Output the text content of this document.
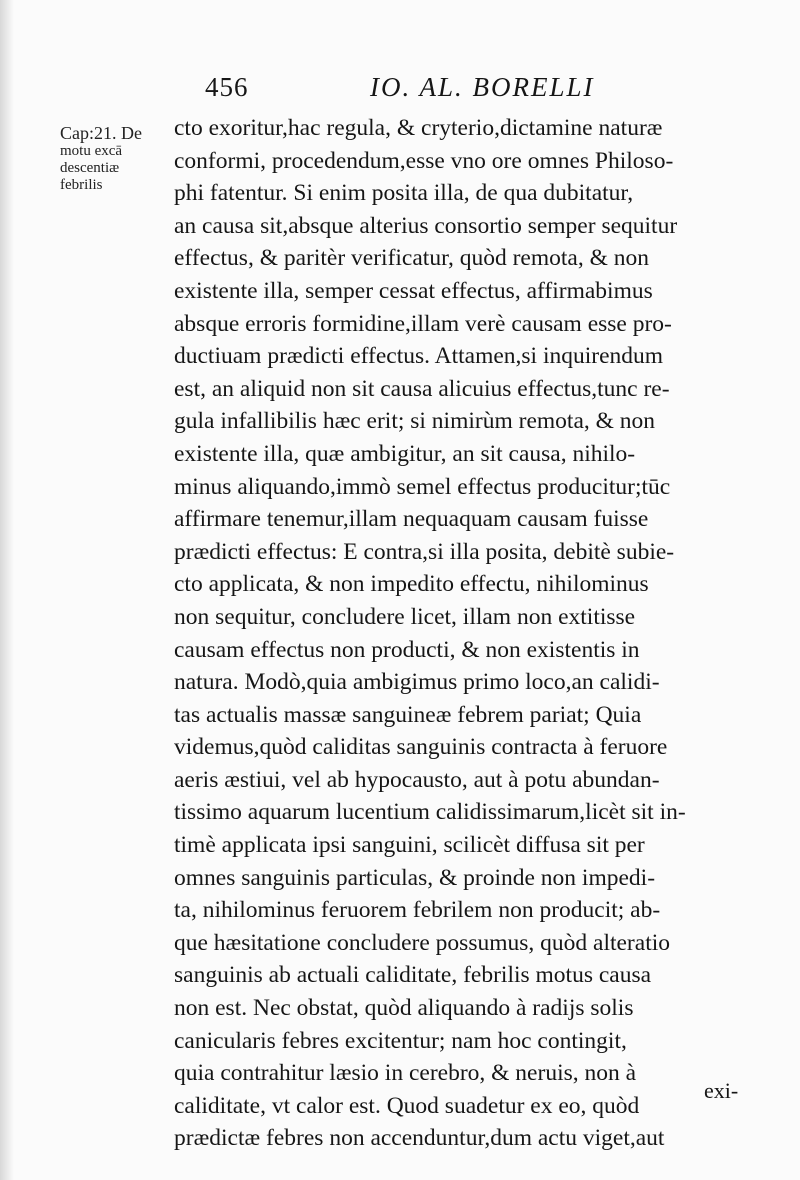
456	IO. AL. BORELLI
Cap:21. De
motu excā
descentiæ
febrilis
cto exoritur,hac regula, & cryterio,dictamine naturæ
conformi, procedendum,esse vno ore omnes Philoso-
phi fatentur. Si enim posita illa, de qua dubitatur,
an causa sit,absque alterius consortio semper sequitur
effectus, & paritèr verificatur, quòd remota, & non
existente illa, semper cessat effectus, affirmabimus
absque erroris formidine,illam verè causam esse pro-
ductiuam prædicti effectus. Attamen,si inquirendum
est, an aliquid non sit causa alicuius effectus,tunc re-
gula infallibilis hæc erit; si nimirùm remota, & non
existente illa, quæ ambigitur, an sit causa, nihilo-
minus aliquando,immò semel effectus producitur;tūc
affirmare tenemur,illam nequaquam causam fuisse
prædicti effectus: E contra,si illa posita, debitè subie-
cto applicata, & non impedito effectu, nihilominus
non sequitur, concludere licet, illam non extitisse
causam effectus non producti, & non existentis in
natura. Modò,quia ambigimus primo loco,an calidi-
tas actualis massæ sanguineæ febrem pariat; Quia
videmus,quòd caliditas sanguinis contracta à feruore
aeris æstiui, vel ab hypocausto, aut à potu abundan-
tissimo aquarum lucentium calidissimarum,licèt sit in-
timè applicata ipsi sanguini, scilicèt diffusa sit per
omnes sanguinis particulas, & proinde non impedi-
ta, nihilominus feruorem febrilem non producit; ab-
que hæsitatione concludere possumus, quòd alteratio
sanguinis ab actuali caliditate, febrilis motus causa
non est. Nec obstat, quòd aliquando à radijs solis
canicularis febres excitentur; nam hoc contingit,
quia contrahitur læsio in cerebro, & neruis, non à
caliditate, vt calor est. Quod suadetur ex eo, quòd
prædictæ febres non accenduntur,dum actu viget,aut
exi-
